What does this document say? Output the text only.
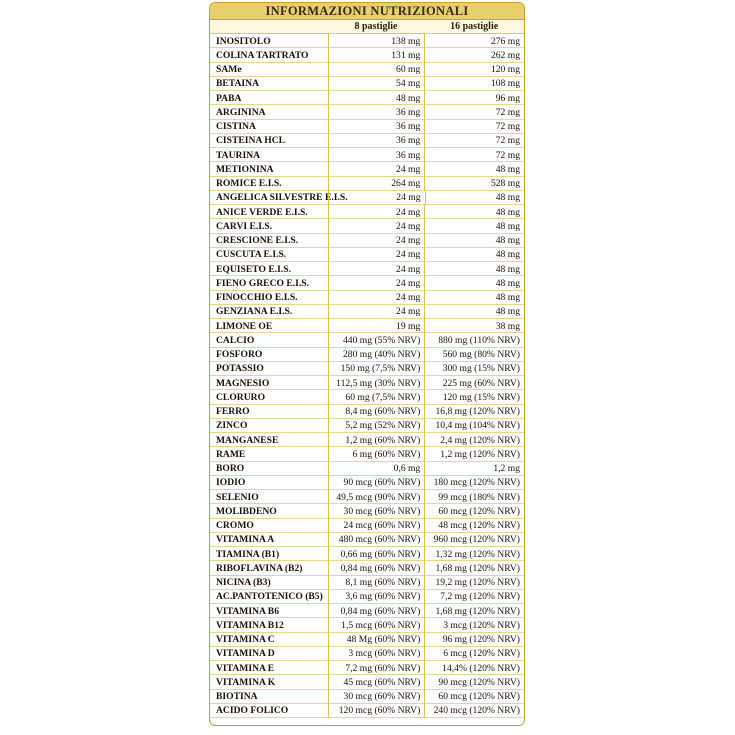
INFORMAZIONI NUTRIZIONALI
8 pastiglie	16 pastiglie
INOSITOLO	138 mg	276 mg
COLINA TARTRATO	131 mg	262 mg
SAMe	60 mg	120 mg
BETAINA	54 mg	108 mg
PABA	48 mg	96 mg
ARGININA	36 mg	72 mg
CISTINA	36 mg	72 mg
CISTEINA HCL	36 mg	72 mg
TAURINA	36 mg	72 mg
METIONINA	24 mg	48 mg
ROMICE E.I.S.	264 mg	528 mg
ANGELICA SILVESTRE E.I.S.	24 mg	48 mg
ANICE VERDE E.I.S.	24 mg	48 mg
CARVI E.I.S.	24 mg	48 mg
CRESCIONE E.I.S.	24 mg	48 mg
CUSCUTA E.I.S.	24 mg	48 mg
EQUISETO E.I.S.	24 mg	48 mg
FIENO GRECO E.I.S.	24 mg	48 mg
FINOCCHIO E.I.S.	24 mg	48 mg
GENZIANA E.I.S.	24 mg	48 mg
LIMONE OE	19 mg	38 mg
CALCIO	440 mg (55% NRV)	880 mg (110% NRV)
FOSFORO	280 mg (40% NRV)	560 mg (80% NRV)
POTASSIO	150 mg (7,5% NRV)	300 mg (15% NRV)
MAGNESIO	112,5 mg (30% NRV)	225 mg (60% NRV)
CLORURO	60 mg (7,5% NRV)	120 mg (15% NRV)
FERRO	8,4 mg (60% NRV)	16,8 mg (120% NRV)
ZINCO	5,2 mg (52% NRV)	10,4 mg (104% NRV)
MANGANESE	1,2 mg (60% NRV)	2,4 mg (120% NRV)
RAME	6 mg (60% NRV)	1,2 mg (120% NRV)
BORO	0,6 mg	1,2 mg
IODIO	90 mcg (60% NRV)	180 mcg (120% NRV)
SELENIO	49,5 mcg (90% NRV)	99 mcg (180% NRV)
MOLIBDENO	30 mcg (60% NRV)	60 mcg (120% NRV)
CROMO	24 mcg (60% NRV)	48 mcg (120% NRV)
VITAMINA A	480 mcg (60% NRV)	960 mcg (120% NRV)
TIAMINA (B1)	0,66 mg (60% NRV)	1,32 mg (120% NRV)
RIBOFLAVINA (B2)	0,84 mg (60% NRV)	1,68 mg (120% NRV)
NICINA (B3)	8,1 mg (60% NRV)	19,2 mg (120% NRV)
AC.PANTOTENICO (B5)	3,6 mg (60% NRV)	7,2 mg (120% NRV)
VITAMINA B6	0,84 mg (60% NRV)	1,68 mg (120% NRV)
VITAMINA B12	1,5 mcg (60% NRV)	3 mcg (120% NRV)
VITAMINA C	48 Mg (60% NRV)	96 mg (120% NRV)
VITAMINA D	3 mcg (60% NRV)	6 mcg (120% NRV)
VITAMINA E	7,2 mg (60% NRV)	14,4% (120% NRV)
VITAMINA K	45 mcg (60% NRV)	90 mcg (120% NRV)
BIOTINA	30 mcg (60% NRV)	60 mcg (120% NRV)
ACIDO FOLICO	120 mcg (60% NRV)	240 mcg (120% NRV)
